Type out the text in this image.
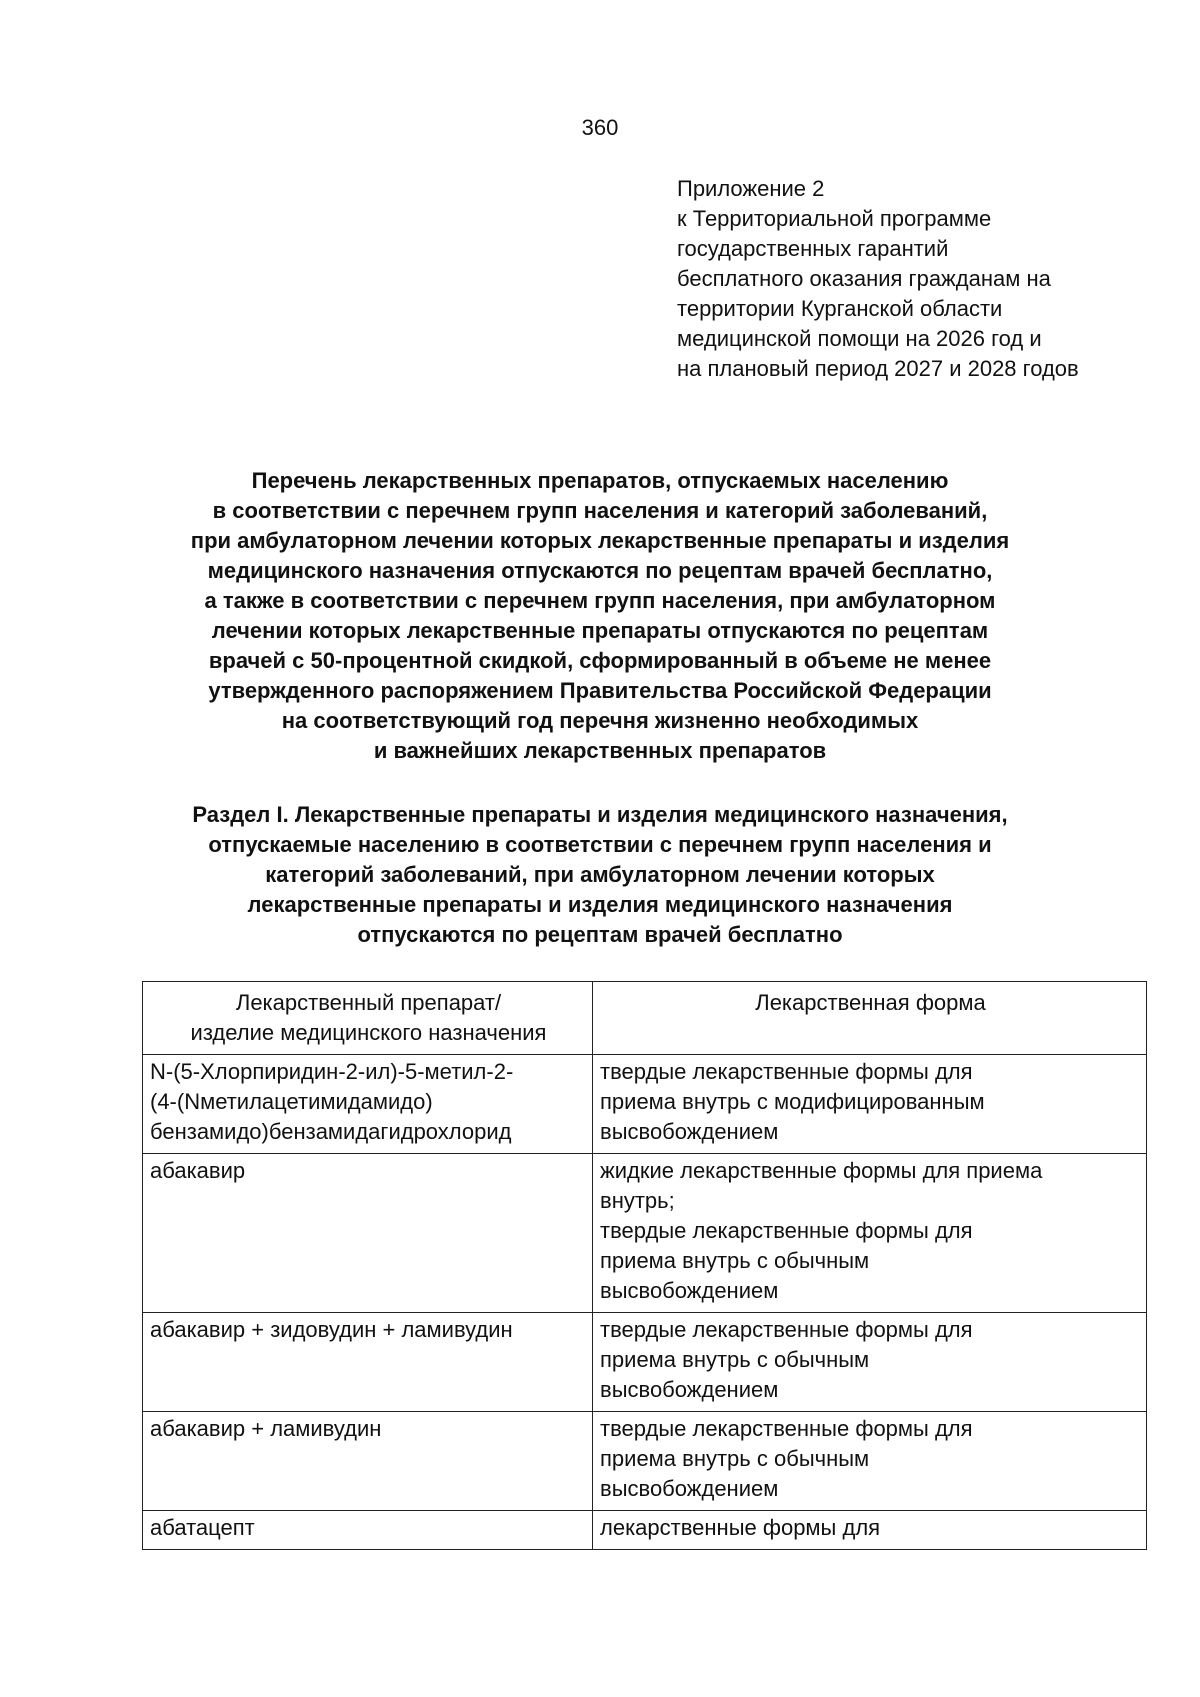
360
Приложение 2
к Территориальной программе
государственных гарантий
бесплатного оказания гражданам на
территории Курганской области
медицинской помощи на 2026 год и
на плановый период 2027 и 2028 годов
Перечень лекарственных препаратов, отпускаемых населению
в соответствии с перечнем групп населения и категорий заболеваний,
при амбулаторном лечении которых лекарственные препараты и изделия
медицинского назначения отпускаются по рецептам врачей бесплатно,
а также в соответствии с перечнем групп населения, при амбулаторном
лечении которых лекарственные препараты отпускаются по рецептам
врачей с 50-процентной скидкой, сформированный в объеме не менее
утвержденного распоряжением Правительства Российской Федерации
на соответствующий год перечня жизненно необходимых
и важнейших лекарственных препаратов
Раздел I. Лекарственные препараты и изделия медицинского назначения,
отпускаемые населению в соответствии с перечнем групп населения и
категорий заболеваний, при амбулаторном лечении которых
лекарственные препараты и изделия медицинского назначения
отпускаются по рецептам врачей бесплатно
Лекарственный препарат/
изделие медицинского назначения	Лекарственная форма

N-(5-Хлорпиридин-2-ил)-5-метил-2-
(4-(Nметилацетимидамидо)
бензамидо)бензамидагидрохлорид	твердые лекарственные формы для
приема внутрь с модифицированным
высвобождением

абакавир	жидкие лекарственные формы для приема
внутрь;
твердые лекарственные формы для
приема внутрь с обычным
высвобождением

абакавир + зидовудин + ламивудин	твердые лекарственные формы для
приема внутрь с обычным
высвобождением

абакавир + ламивудин	твердые лекарственные формы для
приема внутрь с обычным
высвобождением

абатацепт	лекарственные формы для
